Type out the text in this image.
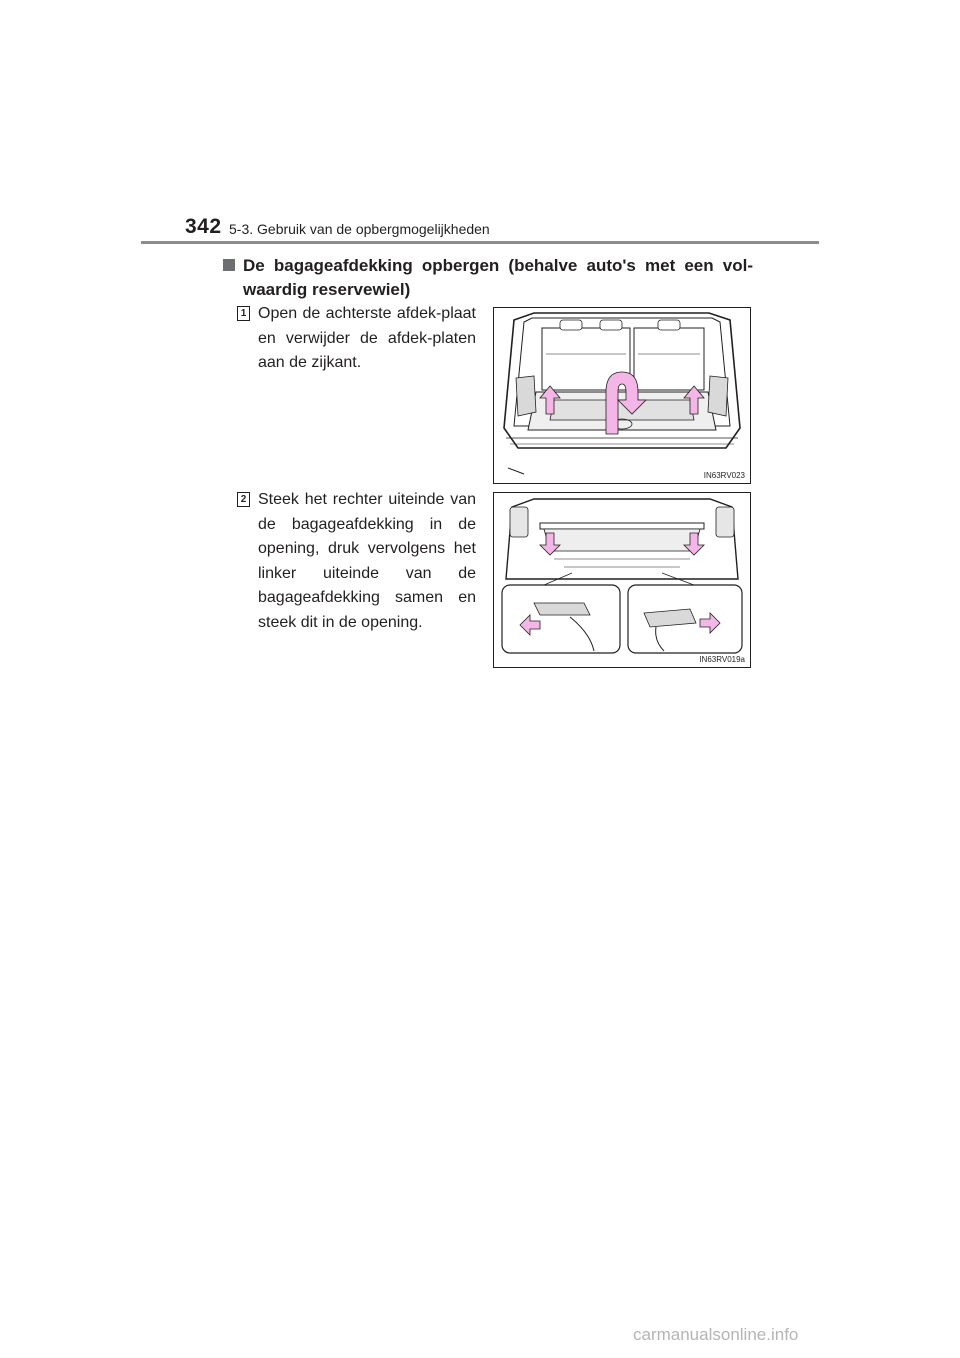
342 5-3. Gebruik van de opbergmogelijkheden
De bagageafdekking opbergen (behalve auto's met een vol-waardig reservewiel)
1 Open de achterste afdek-plaat en verwijder de afdek-platen aan de zijkant.
IN63RV023
2 Steek het rechter uiteinde van de bagageafdekking in de opening, druk vervolgens het linker uiteinde van de bagageafdekking samen en steek dit in de opening.
IN63RV019a
carmanualsonline.info
